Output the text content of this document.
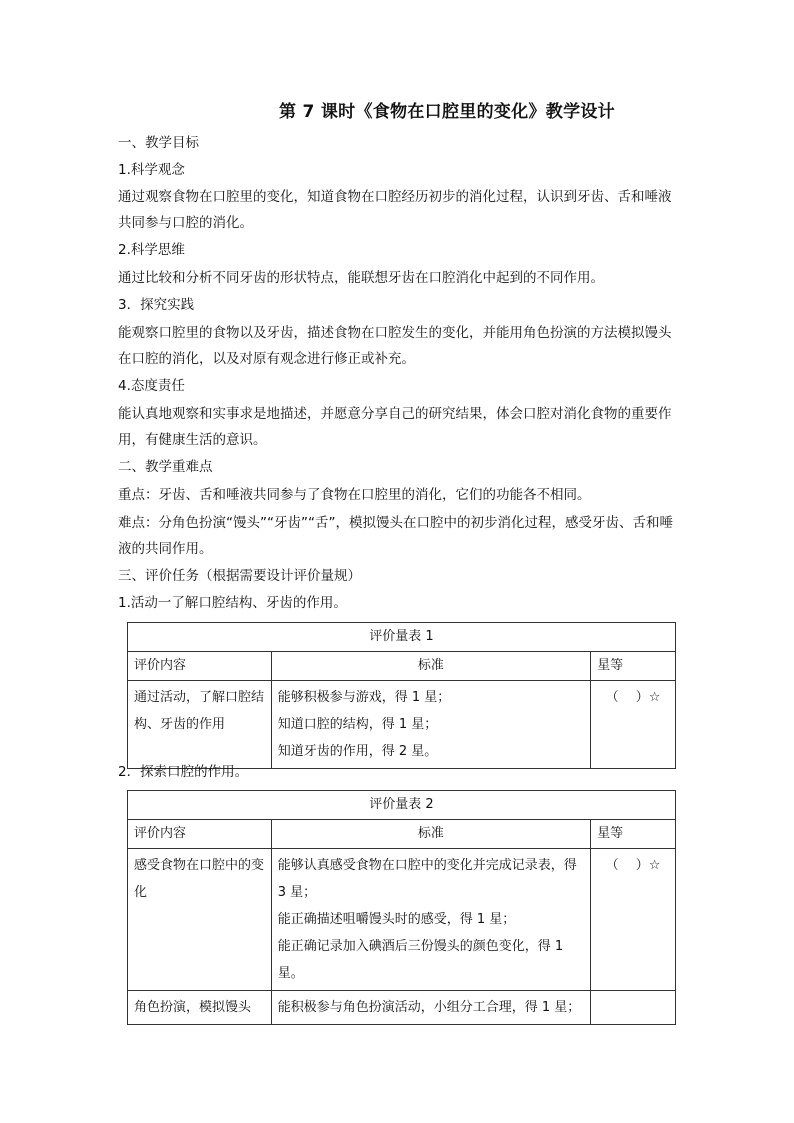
第 7 课时《食物在口腔里的变化》教学设计
一、教学目标
1.科学观念
通过观察食物在口腔里的变化，知道食物在口腔经历初步的消化过程，认识到牙齿、舌和唾液共同参与口腔的消化。
2.科学思维
通过比较和分析不同牙齿的形状特点，能联想牙齿在口腔消化中起到的不同作用。
3．探究实践
能观察口腔里的食物以及牙齿，描述食物在口腔发生的变化，并能用角色扮演的方法模拟馒头在口腔的消化，以及对原有观念进行修正或补充。
4.态度责任
能认真地观察和实事求是地描述，并愿意分享自己的研究结果，体会口腔对消化食物的重要作用，有健康生活的意识。
二、教学重难点
重点：牙齿、舌和唾液共同参与了食物在口腔里的消化，它们的功能各不相同。
难点：分角色扮演“馒头”“牙齿”“舌”，模拟馒头在口腔中的初步消化过程，感受牙齿、舌和唾液的共同作用。
三、评价任务（根据需要设计评价量规）
1.活动一了解口腔结构、牙齿的作用。
评价量表 1		
评价内容	标准	星等
通过活动，了解口腔结构、牙齿的作用	能够积极参与游戏，得 1 星；
知道口腔的结构，得 1 星；
知道牙齿的作用，得 2 星。	（　 ）☆
2．探索口腔的作用。
评价量表 2		
评价内容	标准	星等
感受食物在口腔中的变化	能够认真感受食物在口腔中的变化并完成记录表，得 3 星；
能正确描述咀嚼馒头时的感受，得 1 星；
能正确记录加入碘酒后三份馒头的颜色变化，得 1 星。	（　 ）☆
角色扮演，模拟馒头	能积极参与角色扮演活动，小组分工合理，得 1 星；	
